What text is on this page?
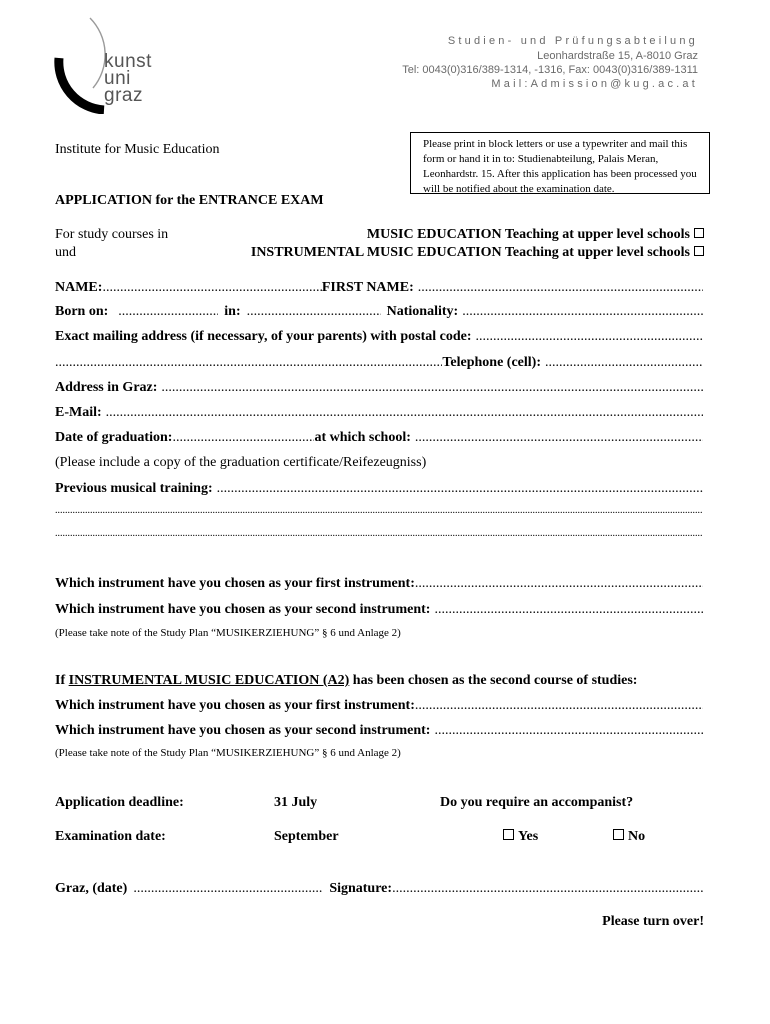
kunst
uni
graz
Studien- und Prüfungsabteilung
Leonhardstraße 15, A-8010 Graz
Tel: 0043(0)316/389-1314, -1316, Fax: 0043(0)316/389-1311
Mail:Admission@kug.ac.at
Institute for Music Education	Please print in block letters or use a typewriter and mail this form or hand it in to: Studienabteilung, Palais Meran, Leonhardstr. 15. After this application has been processed you will be notified about the examination date.
APPLICATION for the ENTRANCE EXAM
For study courses in
und
MUSIC EDUCATION Teaching at upper level schools
INSTRUMENTAL MUSIC EDUCATION Teaching at upper level schools
NAME: .....	FIRST NAME:
.....
Born on: .....	in: .....	Nationality:
.....
Exact mailing address (if necessary, of your parents) with postal code:
.....
.....
Telephone (cell):
.....
Address in Graz:
.....
E-Mail:
.....
Date of graduation: .....	at which school:
.....
(Please include a copy of the graduation certificate/Reifezeugniss)
Previous musical training:
.....
.....
.....
Which instrument have you chosen as your first instrument:
.....
Which instrument have you chosen as your second instrument:
.....
(Please take note of the Study Plan “MUSIKERZIEHUNG” § 6 und Anlage 2)
If INSTRUMENTAL MUSIC EDUCATION (A2) has been chosen as the second course of studies:
Which instrument have you chosen as your first instrument:
.....
Which instrument have you chosen as your second instrument:
.....
(Please take note of the Study Plan “MUSIKERZIEHUNG” § 6 und Anlage 2)
Application deadline:	31 July	Do you require an accompanist?
Examination date:	September	Yes	No
Graz, (date) .....	Signature:
.....
Please turn over!
